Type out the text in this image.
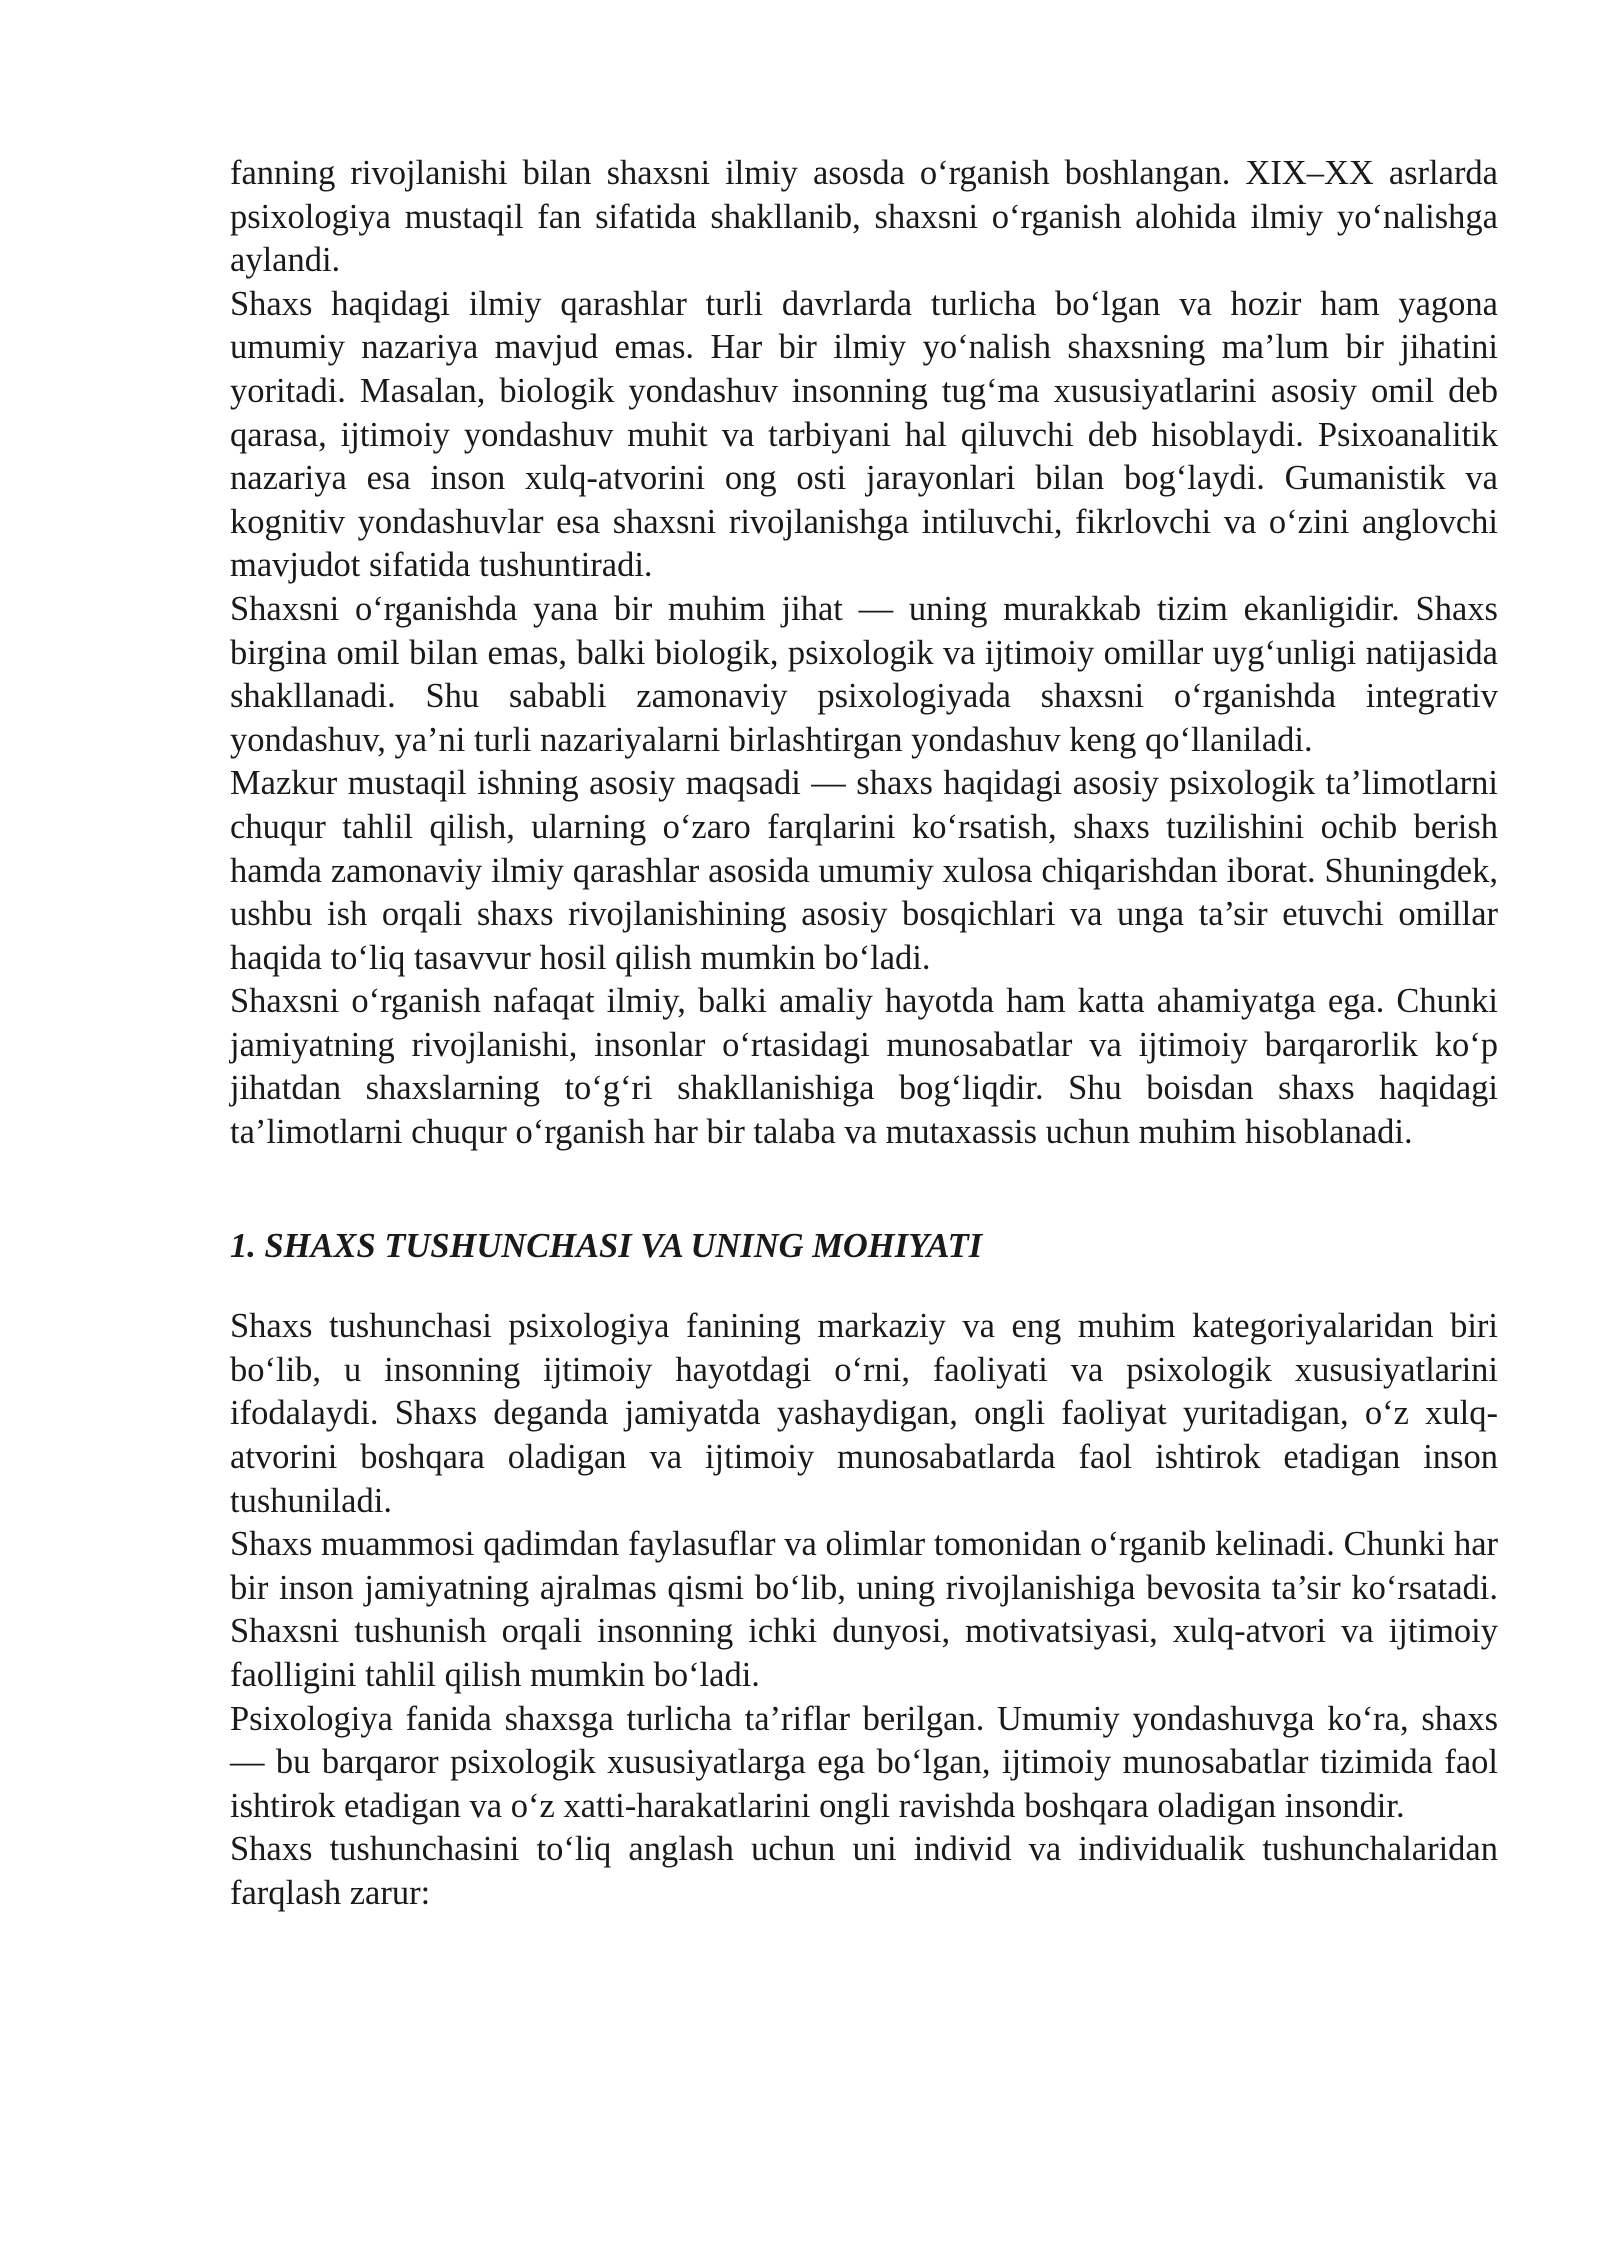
fanning rivojlanishi bilan shaxsni ilmiy asosda o‘rganish boshlangan. XIX–XX asrlarda psixologiya mustaqil fan sifatida shakllanib, shaxsni o‘rganish alohida ilmiy yo‘nalishga aylandi.

Shaxs haqidagi ilmiy qarashlar turli davrlarda turlicha bo‘lgan va hozir ham yagona umumiy nazariya mavjud emas. Har bir ilmiy yo‘nalish shaxsning ma’lum bir jihatini yoritadi. Masalan, biologik yondashuv insonning tug‘ma xususiyatlarini asosiy omil deb qarasa, ijtimoiy yondashuv muhit va tarbiyani hal qiluvchi deb hisoblaydi. Psixoanalitik nazariya esa inson xulq-atvorini ong osti jarayonlari bilan bog‘laydi. Gumanistik va kognitiv yondashuvlar esa shaxsni rivojlanishga intiluvchi, fikrlovchi va o‘zini anglovchi mavjudot sifatida tushuntiradi.

Shaxsni o‘rganishda yana bir muhim jihat — uning murakkab tizim ekanligidir. Shaxs birgina omil bilan emas, balki biologik, psixologik va ijtimoiy omillar uyg‘unligi natijasida shakllanadi. Shu sababli zamonaviy psixologiyada shaxsni o‘rganishda integrativ yondashuv, ya’ni turli nazariyalarni birlashtirgan yondashuv keng qo‘llaniladi.

Mazkur mustaqil ishning asosiy maqsadi — shaxs haqidagi asosiy psixologik ta’limotlarni chuqur tahlil qilish, ularning o‘zaro farqlarini ko‘rsatish, shaxs tuzilishini ochib berish hamda zamonaviy ilmiy qarashlar asosida umumiy xulosa chiqarishdan iborat. Shuningdek, ushbu ish orqali shaxs rivojlanishining asosiy bosqichlari va unga ta’sir etuvchi omillar haqida to‘liq tasavvur hosil qilish mumkin bo‘ladi.

Shaxsni o‘rganish nafaqat ilmiy, balki amaliy hayotda ham katta ahamiyatga ega. Chunki jamiyatning rivojlanishi, insonlar o‘rtasidagi munosabatlar va ijtimoiy barqarorlik ko‘p jihatdan shaxslarning to‘g‘ri shakllanishiga bog‘liqdir. Shu boisdan shaxs haqidagi ta’limotlarni chuqur o‘rganish har bir talaba va mutaxassis uchun muhim hisoblanadi.

1. SHAXS TUSHUNCHASI VA UNING MOHIYATI

Shaxs tushunchasi psixologiya fanining markaziy va eng muhim kategoriyalaridan biri bo‘lib, u insonning ijtimoiy hayotdagi o‘rni, faoliyati va psixologik xususiyatlarini ifodalaydi. Shaxs deganda jamiyatda yashaydigan, ongli faoliyat yuritadigan, o‘z xulq-atvorini boshqara oladigan va ijtimoiy munosabatlarda faol ishtirok etadigan inson tushuniladi.

Shaxs muammosi qadimdan faylasuflar va olimlar tomonidan o‘rganib kelinadi. Chunki har bir inson jamiyatning ajralmas qismi bo‘lib, uning rivojlanishiga bevosita ta’sir ko‘rsatadi. Shaxsni tushunish orqali insonning ichki dunyosi, motivatsiyasi, xulq-atvori va ijtimoiy faolligini tahlil qilish mumkin bo‘ladi.

Psixologiya fanida shaxsga turlicha ta’riflar berilgan. Umumiy yondashuvga ko‘ra, shaxs — bu barqaror psixologik xususiyatlarga ega bo‘lgan, ijtimoiy munosabatlar tizimida faol ishtirok etadigan va o‘z xatti-harakatlarini ongli ravishda boshqara oladigan insondir.

Shaxs tushunchasini to‘liq anglash uchun uni individ va individualik tushunchalaridan farqlash zarur:
